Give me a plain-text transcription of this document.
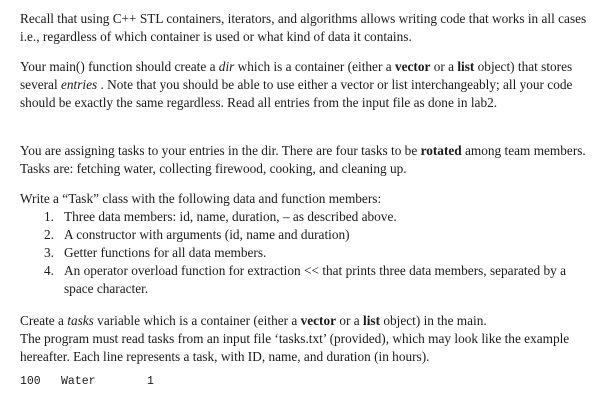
Recall that using C++ STL containers, iterators, and algorithms allows writing code that works in all cases i.e., regardless of which container is used or what kind of data it contains.

Your main() function should create a dir which is a container (either a vector or a list object) that stores several entries . Note that you should be able to use either a vector or list interchangeably; all your code should be exactly the same regardless. Read all entries from the input file as done in lab2.

You are assigning tasks to your entries in the dir. There are four tasks to be rotated among team members. Tasks are: fetching water, collecting firewood, cooking, and cleaning up.

Write a “Task” class with the following data and function members:

1. Three data members: id, name, duration, – as described above.
2. A constructor with arguments (id, name and duration)
3. Getter functions for all data members.
4. An operator overload function for extraction << that prints three data members, separated by a space character.

Create a tasks variable which is a container (either a vector or a list object) in the main.
The program must read tasks from an input file ‘tasks.txt’ (provided), which may look like the example hereafter. Each line represents a task, with ID, name, and duration (in hours).

100 Water	1
